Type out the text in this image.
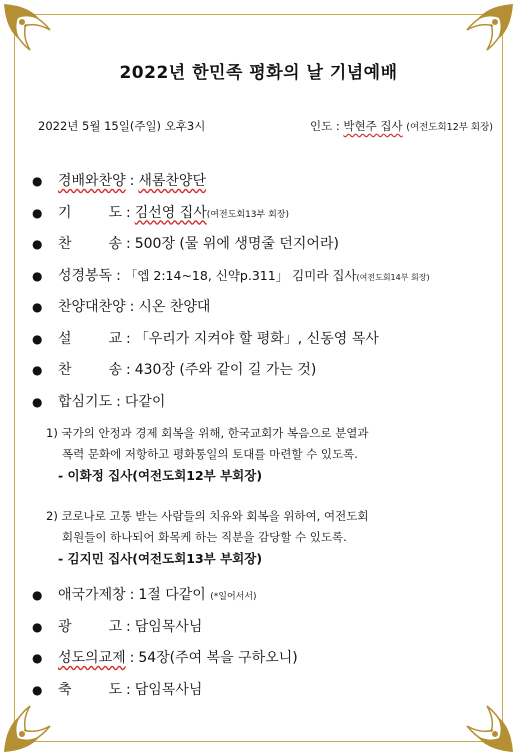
2022년 한민족 평화의 날 기념예배
2022년 5월 15일(주일) 오후3시	인도 : 박현주 집사 (여전도회12부 회장)
●	경배와찬양 : 새롬찬양단
●	기	도 : 김선영 집사 (여전도회13부 회장)
●	찬	송 : 500장 (물 위에 생명줄 던지어라)
●	성경봉독 : 「엡 2:14~18, 신약p.311」 김미라 집사 (여전도회14부 회장)
●	찬양대찬양 : 시온 찬양대
●	설	교 : 「우리가 지켜야 할 평화」, 신동영 목사
●	찬	송 : 430장 (주와 같이 길 가는 것)
●	합심기도 : 다같이
●	애국가제창 : 1절 다같이
(*일어서서)
●	광	고 : 담임목사님
●	성도의교제 : 54장(주여 복을 구하오니)
●	축	도 : 담임목사님
1) 국가의 안정과 경제 회복을 위해, 한국교회가 복음으로 분열과
폭력 문화에 저항하고 평화통일의 토대를 마련할 수 있도록.
- 이화정 집사(여전도회12부 부회장)
2) 코로나로 고통 받는 사람들의 치유와 회복을 위하여, 여전도회
회원들이 하나되어 화목케 하는 직분을 감당할 수 있도록.
- 김지민 집사(여전도회13부 부회장)
